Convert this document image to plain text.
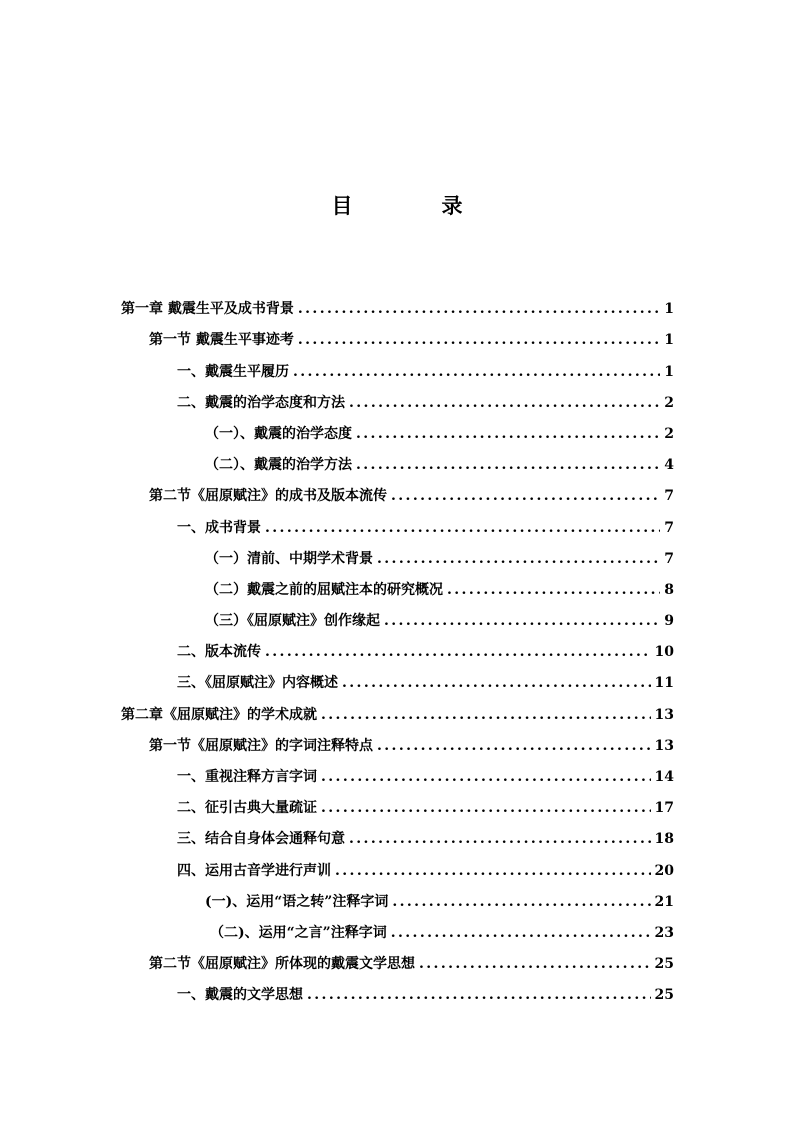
目　录
第一章 戴震生平及成书背景 .....	1
第一节 戴震生平事迹考 .....	1
一、戴震生平履历 .....	1
二、戴震的治学态度和方法 .....	2
（一）、戴震的治学态度 .....	2
（二）、戴震的治学方法 .....	4
第二节《屈原赋注》的成书及版本流传 .....	7
一、成书背景 .....	7
（一）清前、中期学术背景 .....	7
（二）戴震之前的屈赋注本的研究概况 .....	8
（三）《屈原赋注》创作缘起 .....	9
二、版本流传 .....	10
三、《屈原赋注》内容概述 .....	11
第二章《屈原赋注》的学术成就 .....	13
第一节《屈原赋注》的字词注释特点 .....	13
一、重视注释方言字词 .....	14
二、征引古典大量疏证 .....	17
三、结合自身体会通释句意 .....	18
四、运用古音学进行声训 .....	20
(一)、运用“语之转”注释字词 .....	21
（二)、运用“之言”注释字词 .....	23
第二节《屈原赋注》所体现的戴震文学思想 .....	25
一、戴震的文学思想 .....	25
